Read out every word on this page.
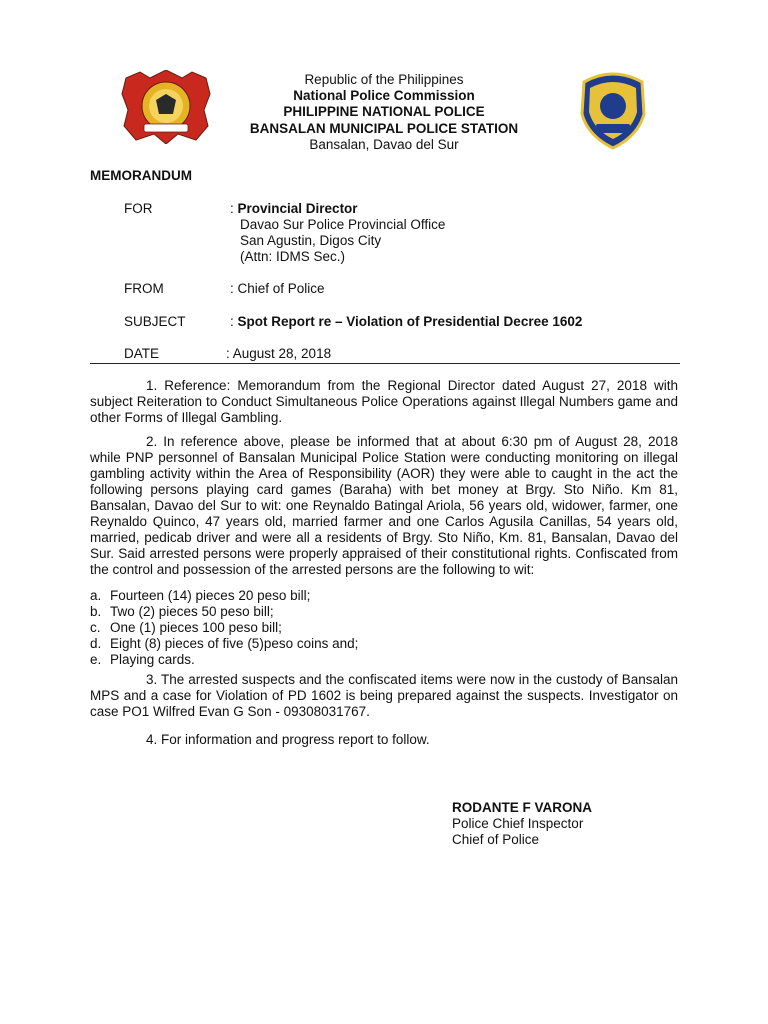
Republic of the Philippines
National Police Commission
PHILIPPINE NATIONAL POLICE
BANSALAN MUNICIPAL POLICE STATION
Bansalan, Davao del Sur
MEMORANDUM
FOR	: Provincial Director
Davao Sur Police Provincial Office
San Agustin, Digos City
(Attn: IDMS Sec.)
FROM	: Chief of Police
SUBJECT	: Spot Report re – Violation of Presidential Decree 1602
DATE	: August 28, 2018
1. Reference: Memorandum from the Regional Director dated August 27, 2018 with subject Reiteration to Conduct Simultaneous Police Operations against Illegal Numbers game and other Forms of Illegal Gambling.
2. In reference above, please be informed that at about 6:30 pm of August 28, 2018 while PNP personnel of Bansalan Municipal Police Station were conducting monitoring on illegal gambling activity within the Area of Responsibility (AOR) they were able to caught in the act the following persons playing card games (Baraha) with bet money at Brgy. Sto Niño. Km 81, Bansalan, Davao del Sur to wit: one Reynaldo Batingal Ariola, 56 years old, widower, farmer, one Reynaldo Quinco, 47 years old, married farmer and one Carlos Agusila Canillas, 54 years old, married, pedicab driver and were all a residents of Brgy. Sto Niño, Km. 81, Bansalan, Davao del Sur. Said arrested persons were properly appraised of their constitutional rights. Confiscated from the control and possession of the arrested persons are the following to wit:
a. Fourteen (14) pieces 20 peso bill;
b. Two (2) pieces 50 peso bill;
c. One (1) pieces 100 peso bill;
d. Eight (8) pieces of five (5)peso coins and;
e. Playing cards.
3. The arrested suspects and the confiscated items were now in the custody of Bansalan MPS and a case for Violation of PD 1602 is being prepared against the suspects. Investigator on case PO1 Wilfred Evan G Son - 09308031767.
4. For information and progress report to follow.
RODANTE F VARONA
Police Chief Inspector
Chief of Police
